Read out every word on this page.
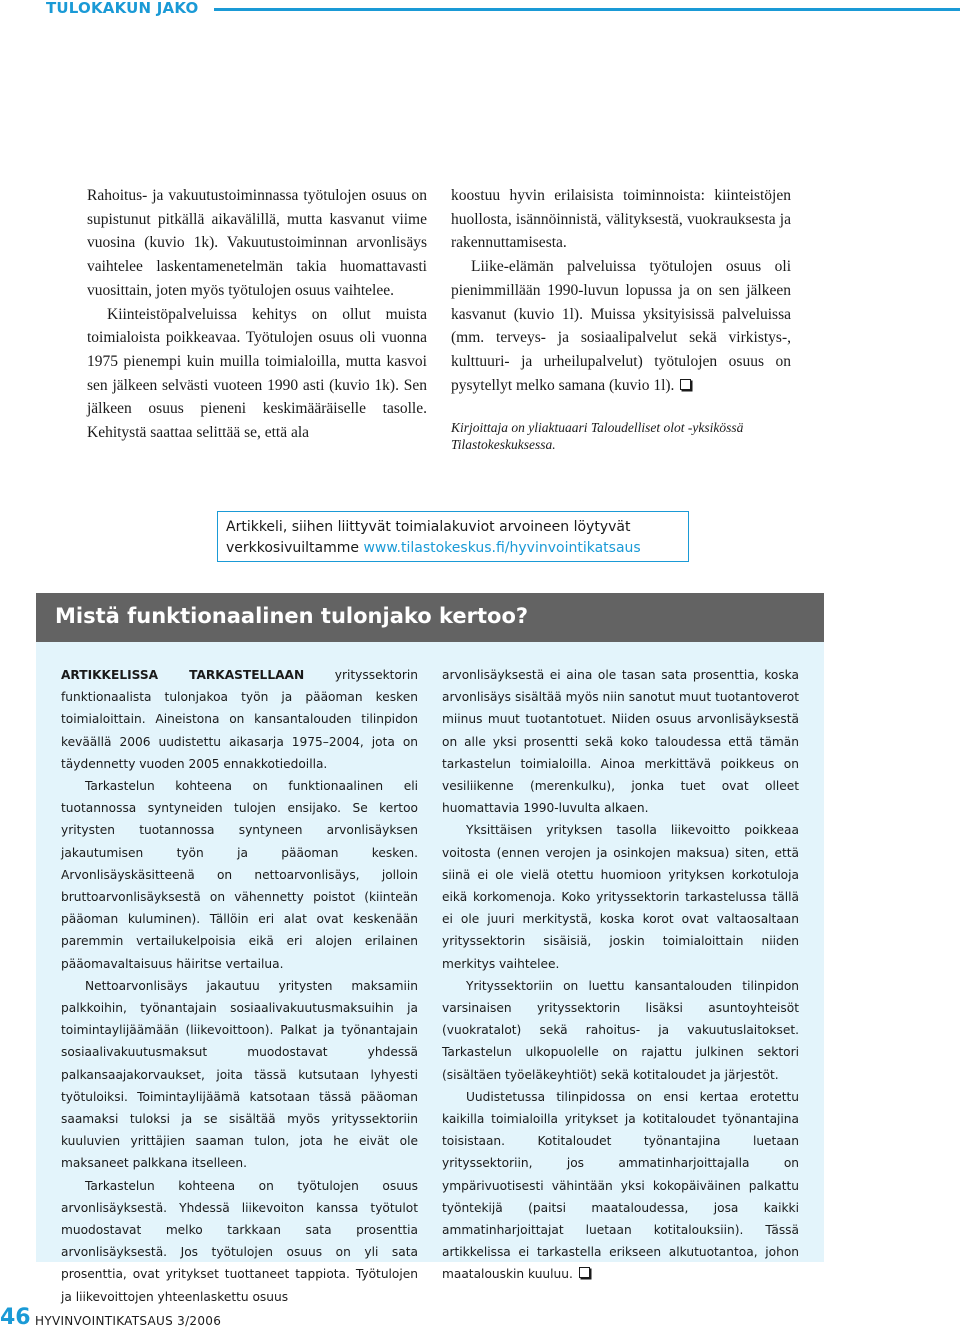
TULOKAKUN JAKO

Rahoitus- ja vakuutustoiminnassa työtulojen osuus on supistunut pitkällä aikavälillä, mutta kasvanut viime vuosina (kuvio 1k). Vakuutustoiminnan arvonlisäys vaihtelee laskentamenetelmän takia huomattavasti vuosittain, joten myös työtulojen osuus vaihtelee.

Kiinteistöpalveluissa kehitys on ollut muista toimialoista poikkeavaa. Työtulojen osuus oli vuonna 1975 pienempi kuin muilla toimialoilla, mutta kasvoi sen jälkeen selvästi vuoteen 1990 asti (kuvio 1k). Sen jälkeen osuus pieneni keskimääräiselle tasolle. Kehitystä saattaa selittää se, että ala

koostuu hyvin erilaisista toiminnoista: kiinteistöjen huollosta, isännöinnistä, välityksestä, vuokrauksesta ja rakennuttamisesta.

Liike-elämän palveluissa työtulojen osuus oli pienimmillään 1990-luvun lopussa ja on sen jälkeen kasvanut (kuvio 1l). Muissa yksityisissä palveluissa (mm. terveys- ja sosiaalipalvelut sekä virkistys-, kulttuuri- ja urheilupalvelut) työtulojen osuus on pysytellyt melko samana (kuvio 1l).

Kirjoittaja on yliaktuaari Taloudelliset olot -yksikössä Tilastokeskuksessa.
Artikkeli, siihen liittyvät toimialakuviot arvoineen löytyvät verkkosivuiltamme www.tilastokeskus.fi/hyvinvointikatsaus
Mistä funktionaalinen tulonjako kertoo?

ARTIKKELISSA TARKASTELLAAN yrityssektorin funktionaalista tulonjakoa työn ja pääoman kesken toimialoittain. Aineistona on kansantalouden tilinpidon keväällä 2006 uudistettu aikasarja 1975–2004, jota on täydennetty vuoden 2005 ennakkotiedoilla.

Tarkastelun kohteena on funktionaalinen eli tuotannossa syntyneiden tulojen ensijako. Se kertoo yritysten tuotannossa syntyneen arvonlisäyksen jakautumisen työn ja pääoman kesken. Arvonlisäyskäsitteenä on nettoarvonlisäys, jolloin bruttoarvonlisäyksestä on vähennetty poistot (kiinteän pääoman kuluminen). Tällöin eri alat ovat keskenään paremmin vertailukelpoisia eikä eri alojen erilainen pääomavaltaisuus häiritse vertailua.

Nettoarvonlisäys jakautuu yritysten maksamiin palkkoihin, työnantajain sosiaalivakuutusmaksuihin ja toimintaylijäämään (liikevoittoon). Palkat ja työnantajain sosiaalivakuutusmaksut muodostavat yhdessä palkansaajakorvaukset, joita tässä kutsutaan lyhyesti työtuloiksi. Toimintaylijäämä katsotaan tässä pääoman saamaksi tuloksi ja se sisältää myös yrityssektoriin kuuluvien yrittäjien saaman tulon, jota he eivät ole maksaneet palkkana itselleen.

Tarkastelun kohteena on työtulojen osuus arvonlisäyksestä. Yhdessä liikevoiton kanssa työtulot muodostavat melko tarkkaan sata prosenttia arvonlisäyksestä. Jos työtulojen osuus on yli sata prosenttia, ovat yritykset tuottaneet tappiota. Työtulojen ja liikevoittojen yhteenlaskettu osuus

arvonlisäyksestä ei aina ole tasan sata prosenttia, koska arvonlisäys sisältää myös niin sanotut muut tuotantoverot miinus muut tuotantotuet. Niiden osuus arvonlisäyksestä on alle yksi prosentti sekä koko taloudessa että tämän tarkastelun toimialoilla. Ainoa merkittävä poikkeus on vesiliikenne (merenkulku), jonka tuet ovat olleet huomattavia 1990-luvulta alkaen.

Yksittäisen yrityksen tasolla liikevoitto poikkeaa voitosta (ennen verojen ja osinkojen maksua) siten, että siinä ei ole vielä otettu huomioon yrityksen korkotuloja eikä korkomenoja. Koko yrityssektorin tarkastelussa tällä ei ole juuri merkitystä, koska korot ovat valtaosaltaan yrityssektorin sisäisiä, joskin toimialoittain niiden merkitys vaihtelee.

Yrityssektoriin on luettu kansantalouden tilinpidon varsinaisen yrityssektorin lisäksi asuntoyhteisöt (vuokratalot) sekä rahoitus- ja vakuutuslaitokset. Tarkastelun ulkopuolelle on rajattu julkinen sektori (sisältäen työeläkeyhtiöt) sekä kotitaloudet ja järjestöt.

Uudistetussa tilinpidossa on ensi kertaa erotettu kaikilla toimialoilla yritykset ja kotitaloudet työnantajina toisistaan. Kotitaloudet työnantajina luetaan yrityssektoriin, jos ammatinharjoittajalla on ympärivuotisesti vähintään yksi kokopäiväinen palkattu työntekijä (paitsi maataloudessa, josa kaikki ammatinharjoittajat luetaan kotitalouksiin). Tässä artikkelissa ei tarkastella erikseen alkutuotantoa, johon maatalouskin kuuluu.

46 HYVINVOINTIKATSAUS 3/2006
